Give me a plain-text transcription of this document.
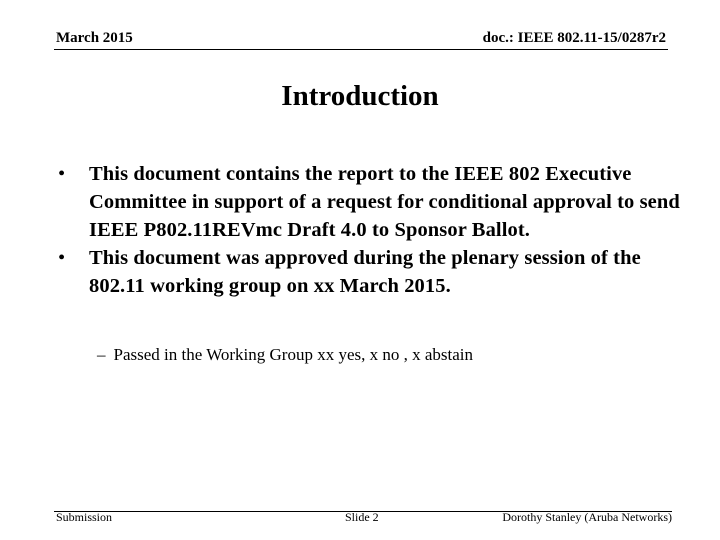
March 2015	doc.: IEEE 802.11-15/0287r2
Introduction
• This document contains the report to the IEEE 802 Executive Committee in support of a request for conditional approval to send IEEE P802.11REVmc Draft 4.0 to Sponsor Ballot.
• This document was approved during the plenary session of the 802.11 working group on xx March 2015.
– Passed in the Working Group xx yes, x no , x abstain
Submission	Slide 2	Dorothy Stanley (Aruba Networks)
